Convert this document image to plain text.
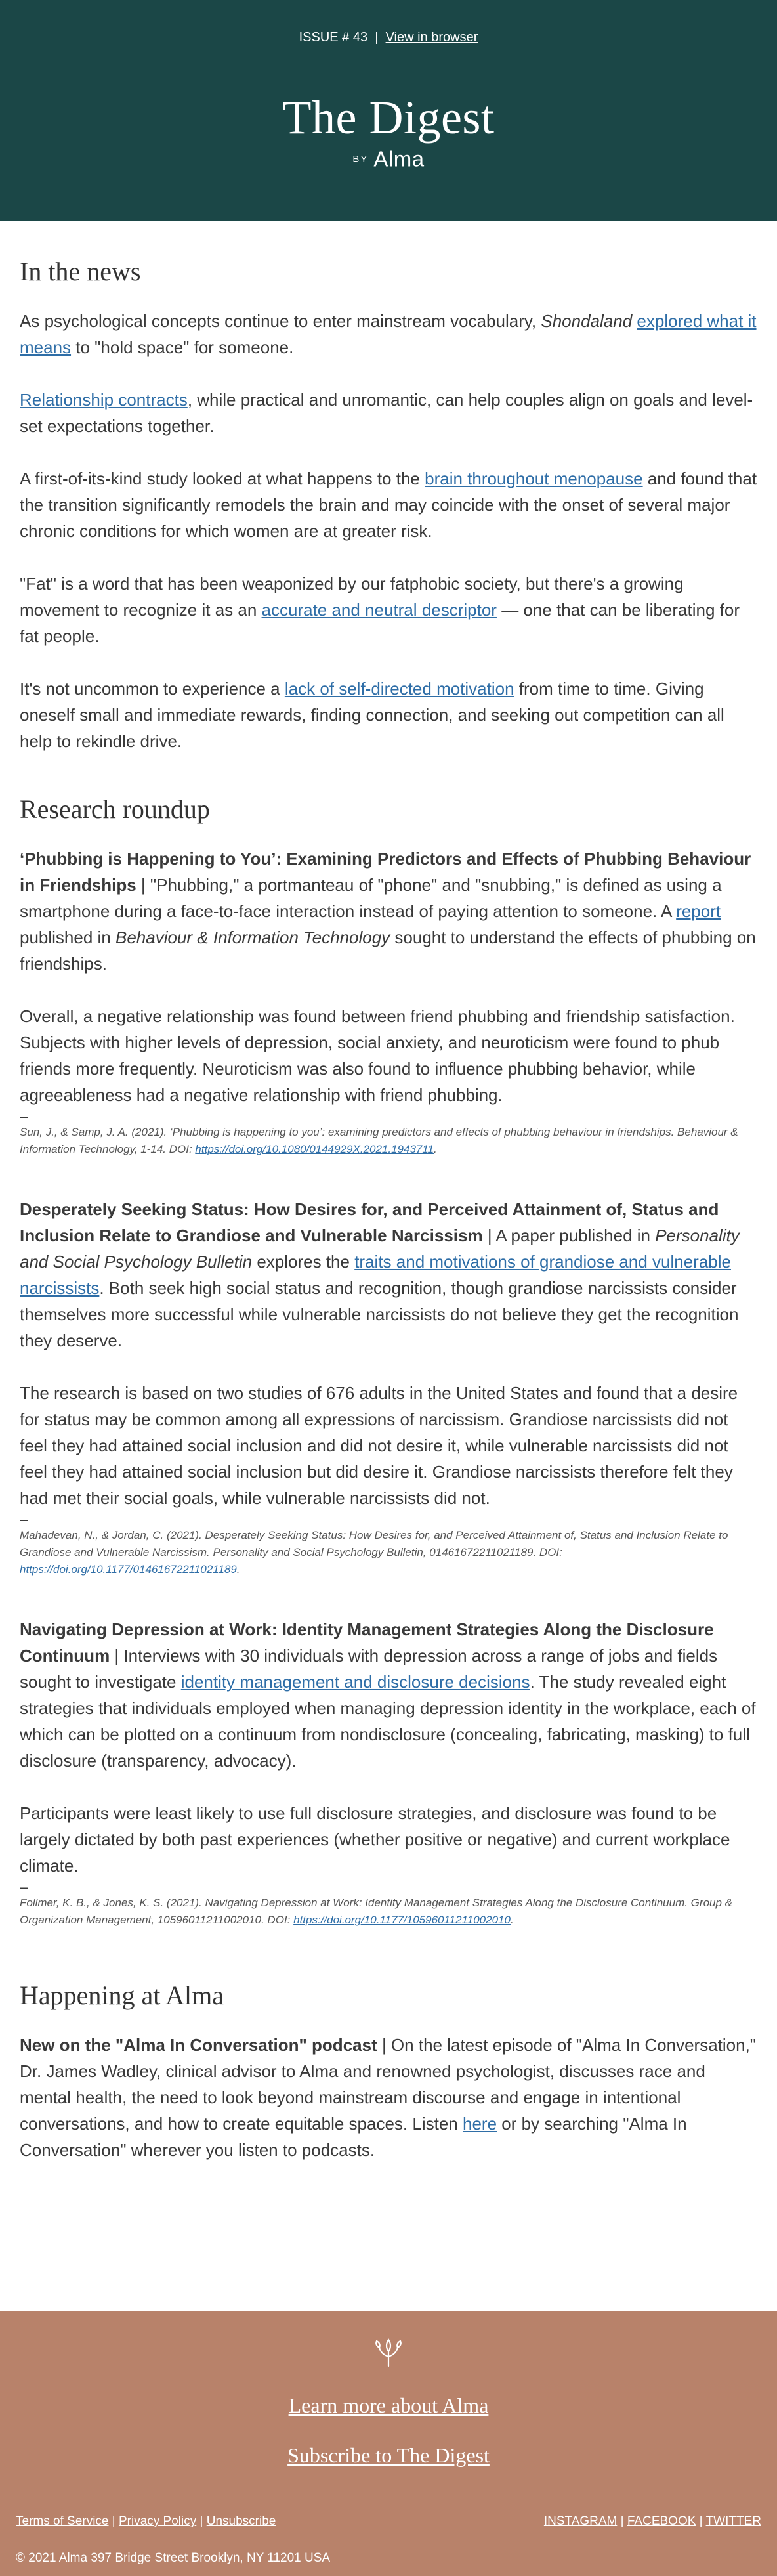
ISSUE # 43 | View in browser
The Digest
BY Alma
In the news

As psychological concepts continue to enter mainstream vocabulary, Shondaland explored what it means to "hold space" for someone.

Relationship contracts, while practical and unromantic, can help couples align on goals and level-set expectations together.

A first-of-its-kind study looked at what happens to the brain throughout menopause and found that the transition significantly remodels the brain and may coincide with the onset of several major chronic conditions for which women are at greater risk.

"Fat" is a word that has been weaponized by our fatphobic society, but there's a growing movement to recognize it as an accurate and neutral descriptor — one that can be liberating for fat people.

It's not uncommon to experience a lack of self-directed motivation from time to time. Giving oneself small and immediate rewards, finding connection, and seeking out competition can all help to rekindle drive.

Research roundup

‘Phubbing is Happening to You’: Examining Predictors and Effects of Phubbing Behaviour in Friendships | "Phubbing," a portmanteau of "phone" and "snubbing," is defined as using a smartphone during a face-to-face interaction instead of paying attention to someone. A report published in Behaviour & Information Technology sought to understand the effects of phubbing on friendships.

Overall, a negative relationship was found between friend phubbing and friendship satisfaction. Subjects with higher levels of depression, social anxiety, and neuroticism were found to phub friends more frequently. Neuroticism was also found to influence phubbing behavior, while agreeableness had a negative relationship with friend phubbing.

–
Sun, J., & Samp, J. A. (2021). ‘Phubbing is happening to you’: examining predictors and effects of phubbing behaviour in friendships. Behaviour & Information Technology, 1-14. DOI: https://doi.org/10.1080/0144929X.2021.1943711.

Desperately Seeking Status: How Desires for, and Perceived Attainment of, Status and Inclusion Relate to Grandiose and Vulnerable Narcissism | A paper published in Personality and Social Psychology Bulletin explores the traits and motivations of grandiose and vulnerable narcissists. Both seek high social status and recognition, though grandiose narcissists consider themselves more successful while vulnerable narcissists do not believe they get the recognition they deserve.

The research is based on two studies of 676 adults in the United States and found that a desire for status may be common among all expressions of narcissism. Grandiose narcissists did not feel they had attained social inclusion and did not desire it, while vulnerable narcissists did not feel they had attained social inclusion but did desire it. Grandiose narcissists therefore felt they had met their social goals, while vulnerable narcissists did not.

–
Mahadevan, N., & Jordan, C. (2021). Desperately Seeking Status: How Desires for, and Perceived Attainment of, Status and Inclusion Relate to Grandiose and Vulnerable Narcissism. Personality and Social Psychology Bulletin, 01461672211021189. DOI: https://doi.org/10.1177/01461672211021189.

Navigating Depression at Work: Identity Management Strategies Along the Disclosure Continuum | Interviews with 30 individuals with depression across a range of jobs and fields sought to investigate identity management and disclosure decisions. The study revealed eight strategies that individuals employed when managing depression identity in the workplace, each of which can be plotted on a continuum from nondisclosure (concealing, fabricating, masking) to full disclosure (transparency, advocacy).

Participants were least likely to use full disclosure strategies, and disclosure was found to be largely dictated by both past experiences (whether positive or negative) and current workplace climate.

–
Follmer, K. B., & Jones, K. S. (2021). Navigating Depression at Work: Identity Management Strategies Along the Disclosure Continuum. Group & Organization Management, 10596011211002010. DOI: https://doi.org/10.1177/10596011211002010.
Happening at Alma

New on the "Alma In Conversation" podcast | On the latest episode of "Alma In Conversation," Dr. James Wadley, clinical advisor to Alma and renowned psychologist, discusses race and mental health, the need to look beyond mainstream discourse and engage in intentional conversations, and how to create equitable spaces. Listen here or by searching "Alma In Conversation" wherever you listen to podcasts.

Learn more about Alma
Subscribe to The Digest
Terms of Service | Privacy Policy | Unsubscribe	INSTAGRAM | FACEBOOK | TWITTER
© 2021 Alma 397 Bridge Street Brooklyn, NY 11201 USA
